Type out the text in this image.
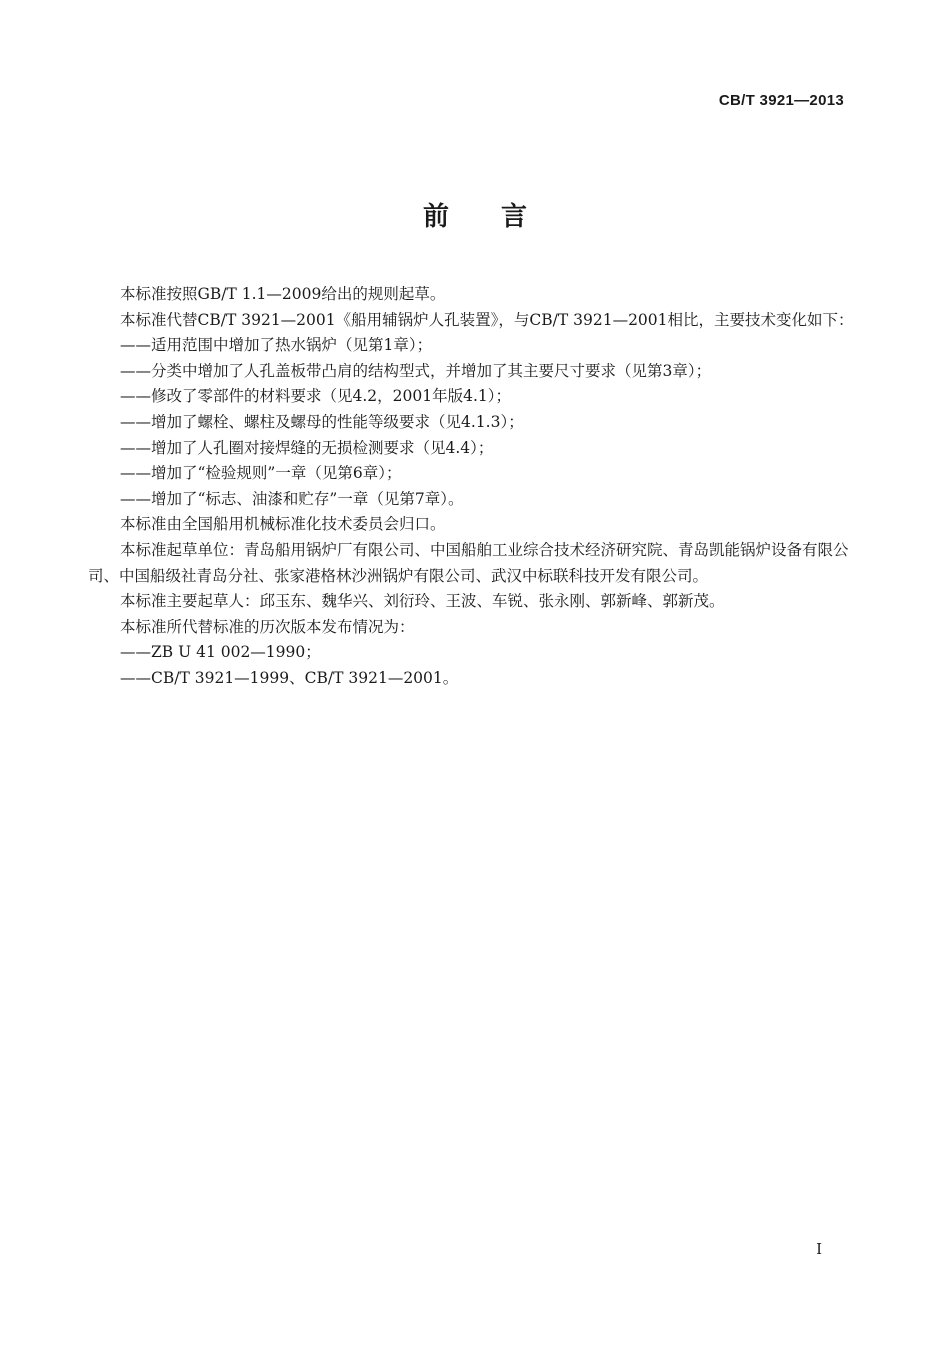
CB/T 3921—2013
前言

本标准按照GB/T 1.1—2009给出的规则起草。

本标准代替CB/T 3921—2001《船用辅锅炉人孔装置》，与CB/T 3921—2001相比，主要技术变化如下：

——适用范围中增加了热水锅炉（见第1章）；

——分类中增加了人孔盖板带凸肩的结构型式，并增加了其主要尺寸要求（见第3章）；

——修改了零部件的材料要求（见4.2，2001年版4.1）；

——增加了螺栓、螺柱及螺母的性能等级要求（见4.1.3）；

——增加了人孔圈对接焊缝的无损检测要求（见4.4）；

——增加了“检验规则”一章（见第6章）；

——增加了“标志、油漆和贮存”一章（见第7章）。

本标准由全国船用机械标准化技术委员会归口。

本标准起草单位：青岛船用锅炉厂有限公司、中国船舶工业综合技术经济研究院、青岛凯能锅炉设备有限公司、中国船级社青岛分社、张家港格林沙洲锅炉有限公司、武汉中标联科技开发有限公司。

本标准主要起草人：邱玉东、魏华兴、刘衍玲、王波、车锐、张永刚、郭新峰、郭新茂。

本标准所代替标准的历次版本发布情况为：

——ZB U 41 002—1990；

——CB/T 3921—1999、CB/T 3921—2001。

I
